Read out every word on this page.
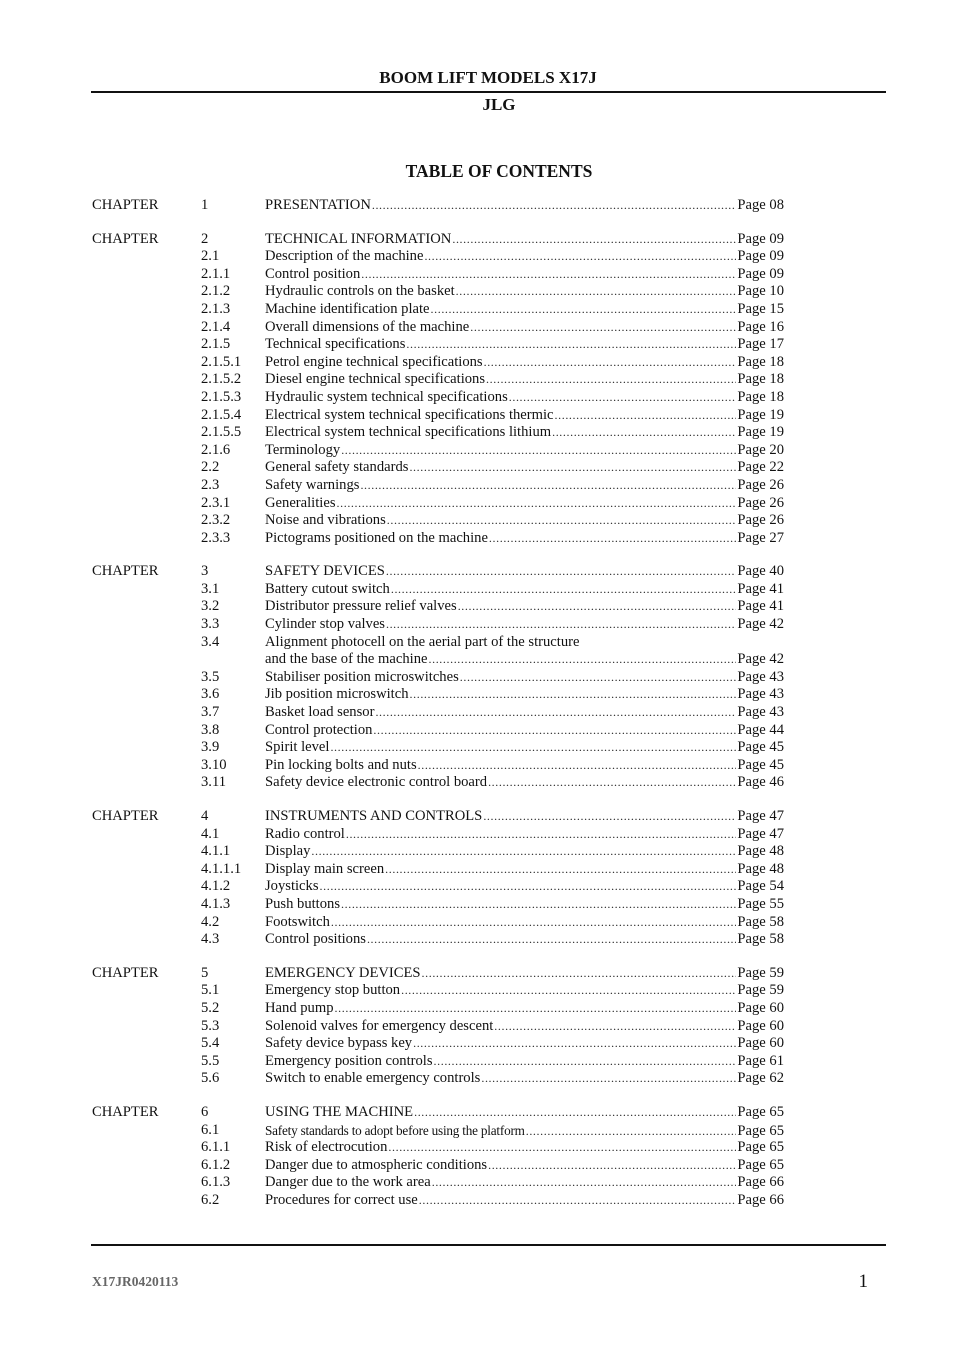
BOOM LIFT MODELS X17J
JLG
TABLE OF CONTENTS
CHAPTER	1	PRESENTATION .....	Page 08
CHAPTER	2	TECHNICAL INFORMATION .....	Page 09
2.1	Description of the machine .....	Page 09
2.1.1 Control position .....	Page 09
2.1.2 Hydraulic controls on the basket .....	Page 10
2.1.3 Machine identification plate .....	Page 15
2.1.4 Overall dimensions of the machine .....	Page 16
2.1.5 Technical specifications .....	Page 17
2.1.5.1 Petrol engine technical specifications .....	Page 18
2.1.5.2 Diesel engine technical specifications .....	Page 18
2.1.5.3 Hydraulic system technical specifications .....	Page 18
2.1.5.4 Electrical system technical specifications thermic .....	Page 19
2.1.5.5 Electrical system technical specifications lithium .....	Page 19
2.1.6 Terminology .....	Page 20
2.2	General safety standards .....	Page 22
2.3	Safety warnings .....	Page 26
2.3.1 Generalities .....	Page 26
2.3.2 Noise and vibrations .....	Page 26
2.3.3 Pictograms positioned on the machine .....	Page 27
CHAPTER	3	SAFETY DEVICES .....	Page 40
3.1	Battery cutout switch .....	Page 41
3.2	Distributor pressure relief valves .....	Page 41
3.3	Cylinder stop valves .....	Page 42
3.4	Alignment photocell on the aerial part of the structure
and the base of the machine .....	Page 42
3.5	Stabiliser position microswitches .....	Page 43
3.6	Jib position microswitch .....	Page 43
3.7	Basket load sensor .....	Page 43
3.8	Control protection .....	Page 44
3.9	Spirit level .....	Page 45
3.10	Pin locking bolts and nuts .....	Page 45
3.11	Safety device electronic control board .....	Page 46
CHAPTER	4	INSTRUMENTS AND CONTROLS .....	Page 47
4.1	Radio control .....	Page 47
4.1.1 Display .....	Page 48
4.1.1.1 Display main screen .....	Page 48
4.1.2 Joysticks .....	Page 54
4.1.3 Push buttons .....	Page 55
4.2	Footswitch .....	Page 58
4.3	Control positions .....	Page 58
CHAPTER	5	EMERGENCY DEVICES .....	Page 59
5.1	Emergency stop button .....	Page 59
5.2	Hand pump .....	Page 60
5.3	Solenoid valves for emergency descent .....	Page 60
5.4	Safety device bypass key .....	Page 60
5.5	Emergency position controls .....	Page 61
5.6	Switch to enable emergency controls .....	Page 62
CHAPTER	6	USING THE MACHINE .....	Page 65
6.1	Safety standards to adopt before using the platform .....	Page 65
6.1.1 Risk of electrocution .....	Page 65
6.1.2 Danger due to atmospheric conditions .....	Page 65
6.1.3 Danger due to the work area .....	Page 66
6.2	Procedures for correct use .....	Page 66
X17JR0420113	1
